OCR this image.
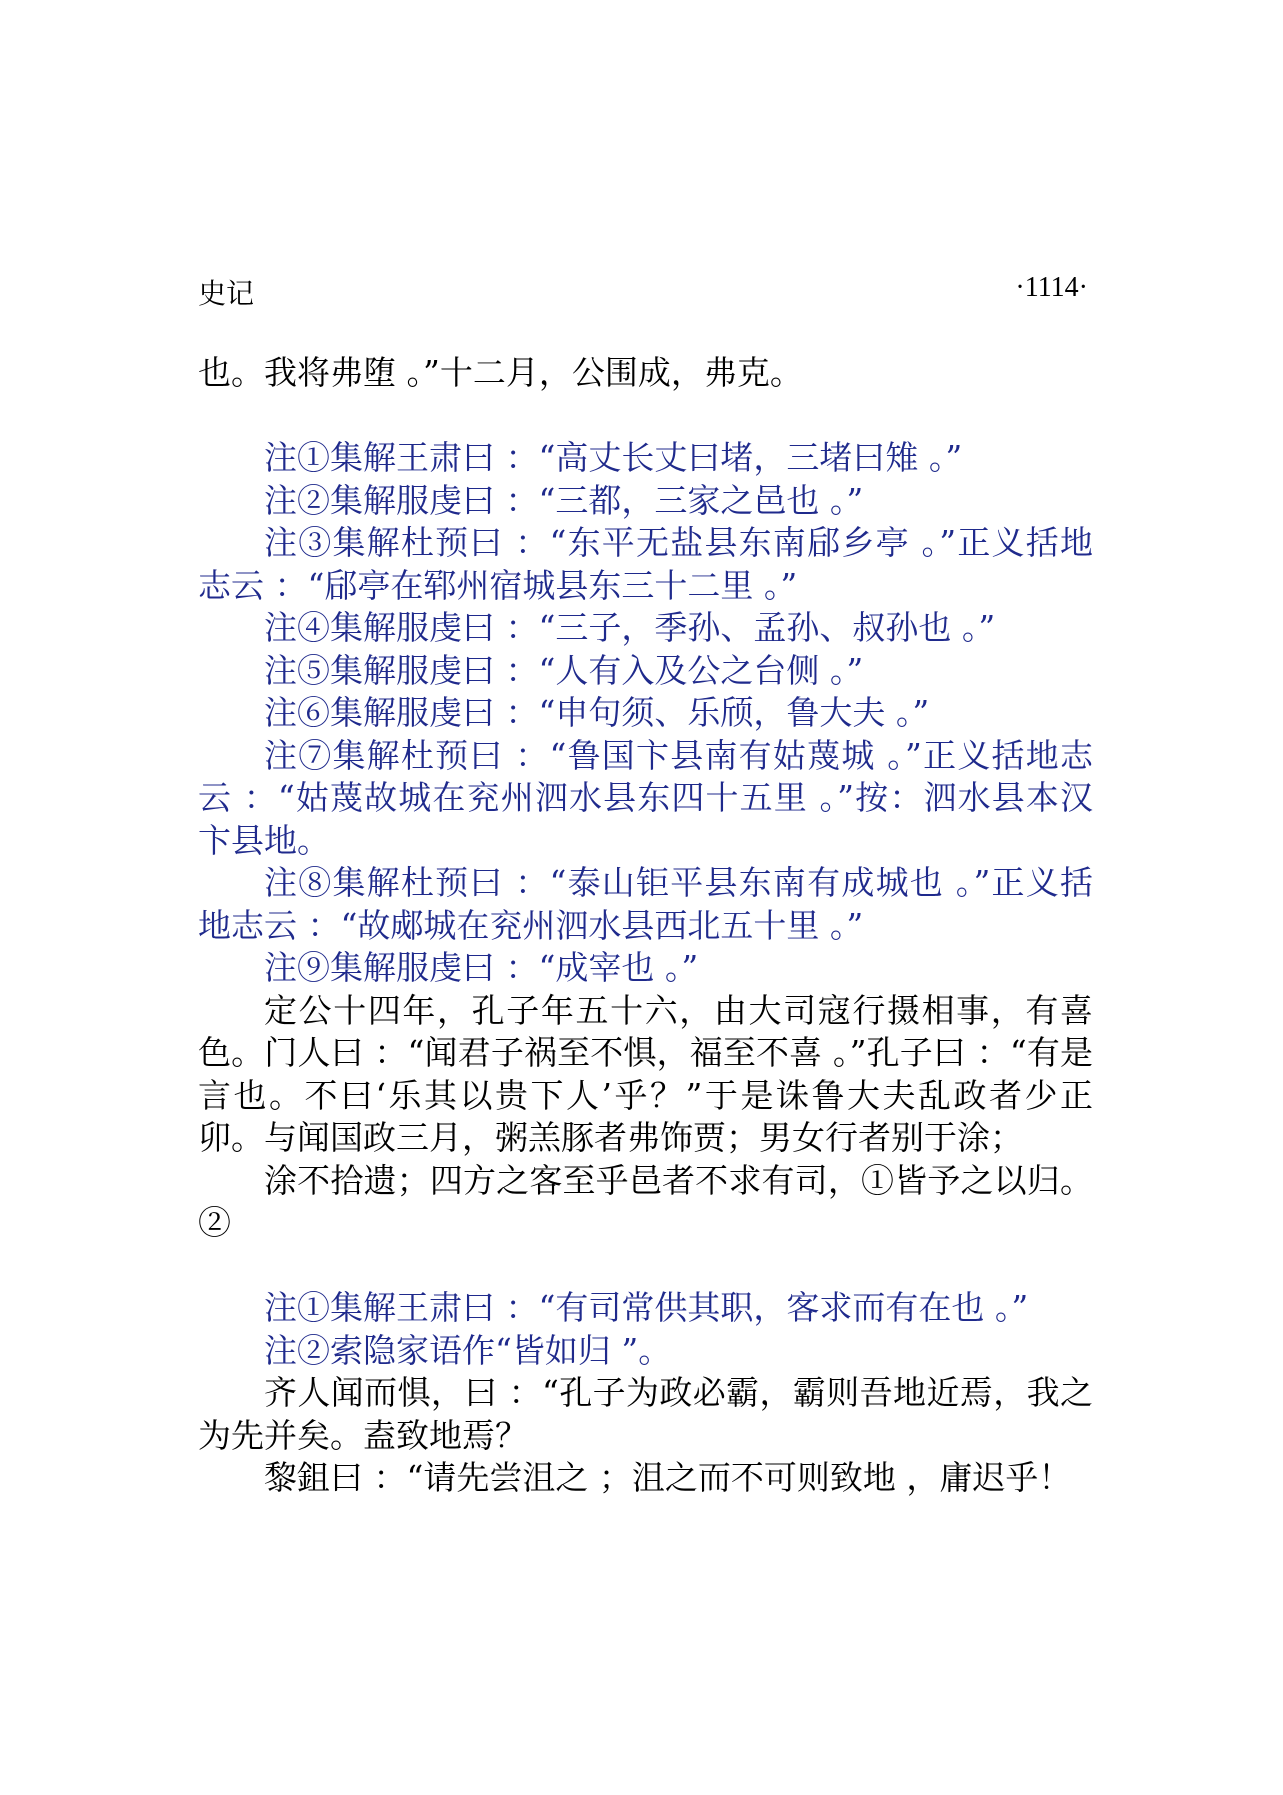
史记	·1114·

也。我将弗堕 。”十二月，公围成，弗克。

注①集解王肃曰 ：“高丈长丈曰堵，三堵曰雉 。”

注②集解服虔曰 ：“三都，三家之邑也 。”

注③集解杜预曰 ：“东平无盐县东南郈乡亭 。”正义括地志云 ：“郈亭在郓州宿城县东三十二里 。”

注④集解服虔曰 ：“三子，季孙、孟孙、叔孙也 。”

注⑤集解服虔曰 ：“人有入及公之台侧 。”

注⑥集解服虔曰 ：“申句须、乐颀，鲁大夫 。”

注⑦集解杜预曰 ：“鲁国卞县南有姑蔑城 。”正义括地志云 ：“姑蔑故城在兖州泗水县东四十五里 。”按：泗水县本汉卞县地。

注⑧集解杜预曰 ：“泰山钜平县东南有成城也 。”正义括地志云 ：“故郕城在兖州泗水县西北五十里 。”

注⑨集解服虔曰 ：“成宰也 。”

定公十四年，孔子年五十六，由大司寇行摄相事，有喜色。门人曰 ：“闻君子祸至不惧，福至不喜 。”孔子曰 ：“有是言也。不曰‘乐其以贵下人’乎？”于是诛鲁大夫乱政者少正卯。与闻国政三月，粥羔豚者弗饰贾；男女行者别于涂；

涂不拾遗；四方之客至乎邑者不求有司，①皆予之以归。②

注①集解王肃曰 ：“有司常供其职，客求而有在也 。”

注②索隐家语作“皆如归 ”。

齐人闻而惧，曰 ：“孔子为政必霸，霸则吾地近焉，我之为先并矣。盍致地焉？

黎鉏曰 ：“请先尝沮之 ；沮之而不可则致地 ，庸迟乎！
